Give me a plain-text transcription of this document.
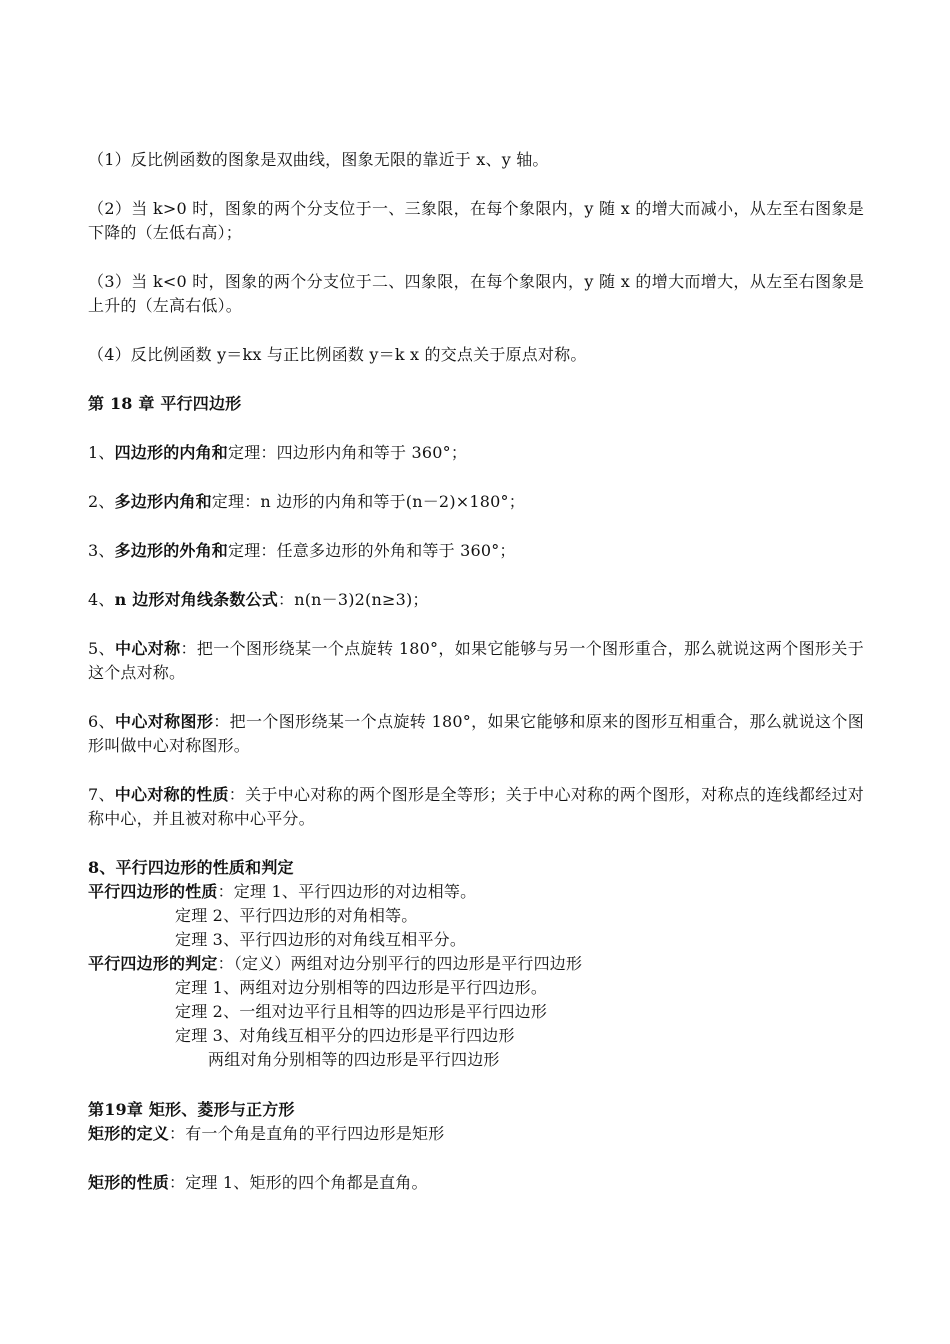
（1）反比例函数的图象是双曲线，图象无限的靠近于 x、y 轴。

（2）当 k>0 时，图象的两个分支位于一、三象限，在每个象限内，y 随 x 的增大而减小，从左至右图象是下降的（左低右高）；

（3）当 k<0 时，图象的两个分支位于二、四象限，在每个象限内，y 随 x 的增大而增大，从左至右图象是上升的（左高右低）。

（4）反比例函数 y＝kx 与正比例函数 y＝k x 的交点关于原点对称。

第 18 章 平行四边形

1、四边形的内角和定理：四边形内角和等于 360°；

2、多边形内角和定理：n 边形的内角和等于(n－2)×180°；

3、多边形的外角和定理：任意多边形的外角和等于 360°；

4、n 边形对角线条数公式：n(n－3)2(n≥3)；

5、中心对称：把一个图形绕某一个点旋转 180°，如果它能够与另一个图形重合，那么就说这两个图形关于这个点对称。

6、中心对称图形：把一个图形绕某一个点旋转 180°，如果它能够和原来的图形互相重合，那么就说这个图形叫做中心对称图形。

7、中心对称的性质：关于中心对称的两个图形是全等形；关于中心对称的两个图形，对称点的连线都经过对称中心，并且被对称中心平分。

8、平行四边形的性质和判定

平行四边形的性质：定理 1、平行四边形的对边相等。

定理 2、平行四边形的对角相等。

定理 3、平行四边形的对角线互相平分。

平行四边形的判定：（定义）两组对边分别平行的四边形是平行四边形

定理 1、两组对边分别相等的四边形是平行四边形。

定理 2、一组对边平行且相等的四边形是平行四边形

定理 3、对角线互相平分的四边形是平行四边形

两组对角分别相等的四边形是平行四边形

第19章 矩形、菱形与正方形

矩形的定义：有一个角是直角的平行四边形是矩形

矩形的性质：定理 1、矩形的四个角都是直角。
